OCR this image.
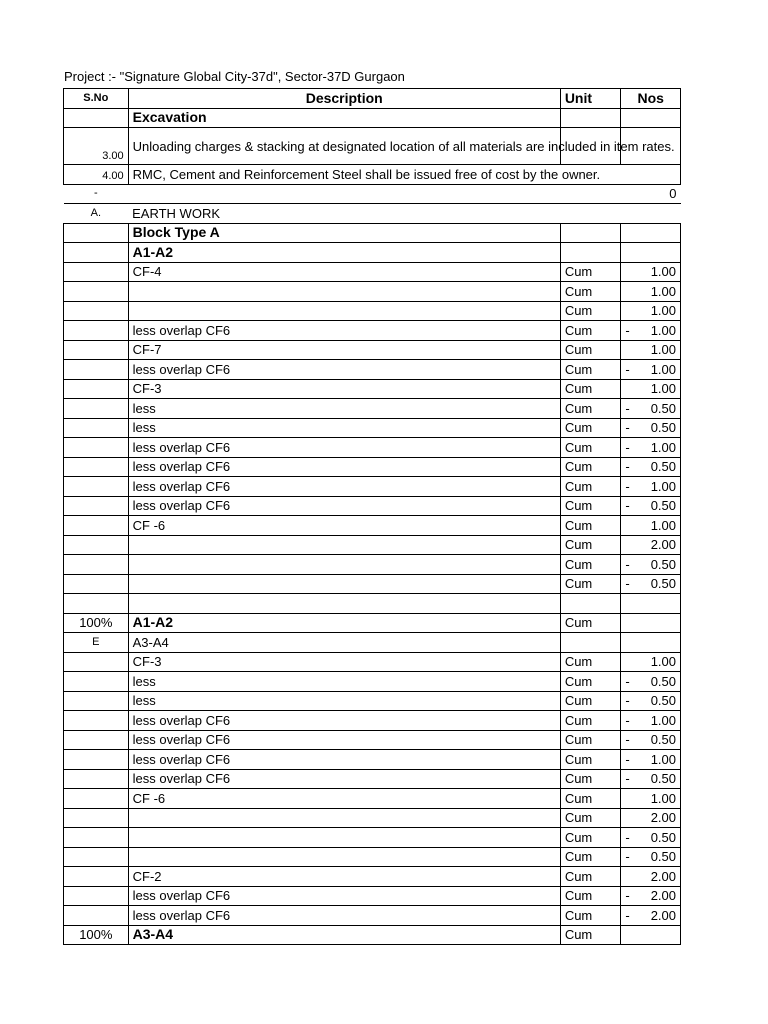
Project :- "Signature Global City-37d", Sector-37D Gurgaon
S.No	Description	Unit	Nos
	Excavation		
3.00	Unloading charges & stacking at designated location of all materials are included in item rates.		
4.00	RMC, Cement and Reinforcement Steel shall be issued free of cost by the owner.		
-	0		
A.	EARTH WORK		
	Block Type A		
	A1-A2		
	CF-4	Cum	1.00
		Cum	1.00
		Cum	1.00
	less overlap CF6	Cum	- 1.00
	CF-7	Cum	1.00
	less overlap CF6	Cum	- 1.00
	CF-3	Cum	1.00
	less	Cum	- 0.50
	less	Cum	- 0.50
	less overlap CF6	Cum	- 1.00
	less overlap CF6	Cum	- 0.50
	less overlap CF6	Cum	- 1.00
	less overlap CF6	Cum	- 0.50
	CF -6	Cum	1.00
		Cum	2.00
		Cum	- 0.50
		Cum	- 0.50

100%	A1-A2	Cum	
E	A3-A4		
	CF-3	Cum	1.00
	less	Cum	- 0.50
	less	Cum	- 0.50
	less overlap CF6	Cum	- 1.00
	less overlap CF6	Cum	- 0.50
	less overlap CF6	Cum	- 1.00
	less overlap CF6	Cum	- 0.50
	CF -6	Cum	1.00
		Cum	2.00
		Cum	- 0.50
		Cum	- 0.50
	CF-2	Cum	2.00
	less overlap CF6	Cum	- 2.00
	less overlap CF6	Cum	- 2.00
100%	A3-A4	Cum	
